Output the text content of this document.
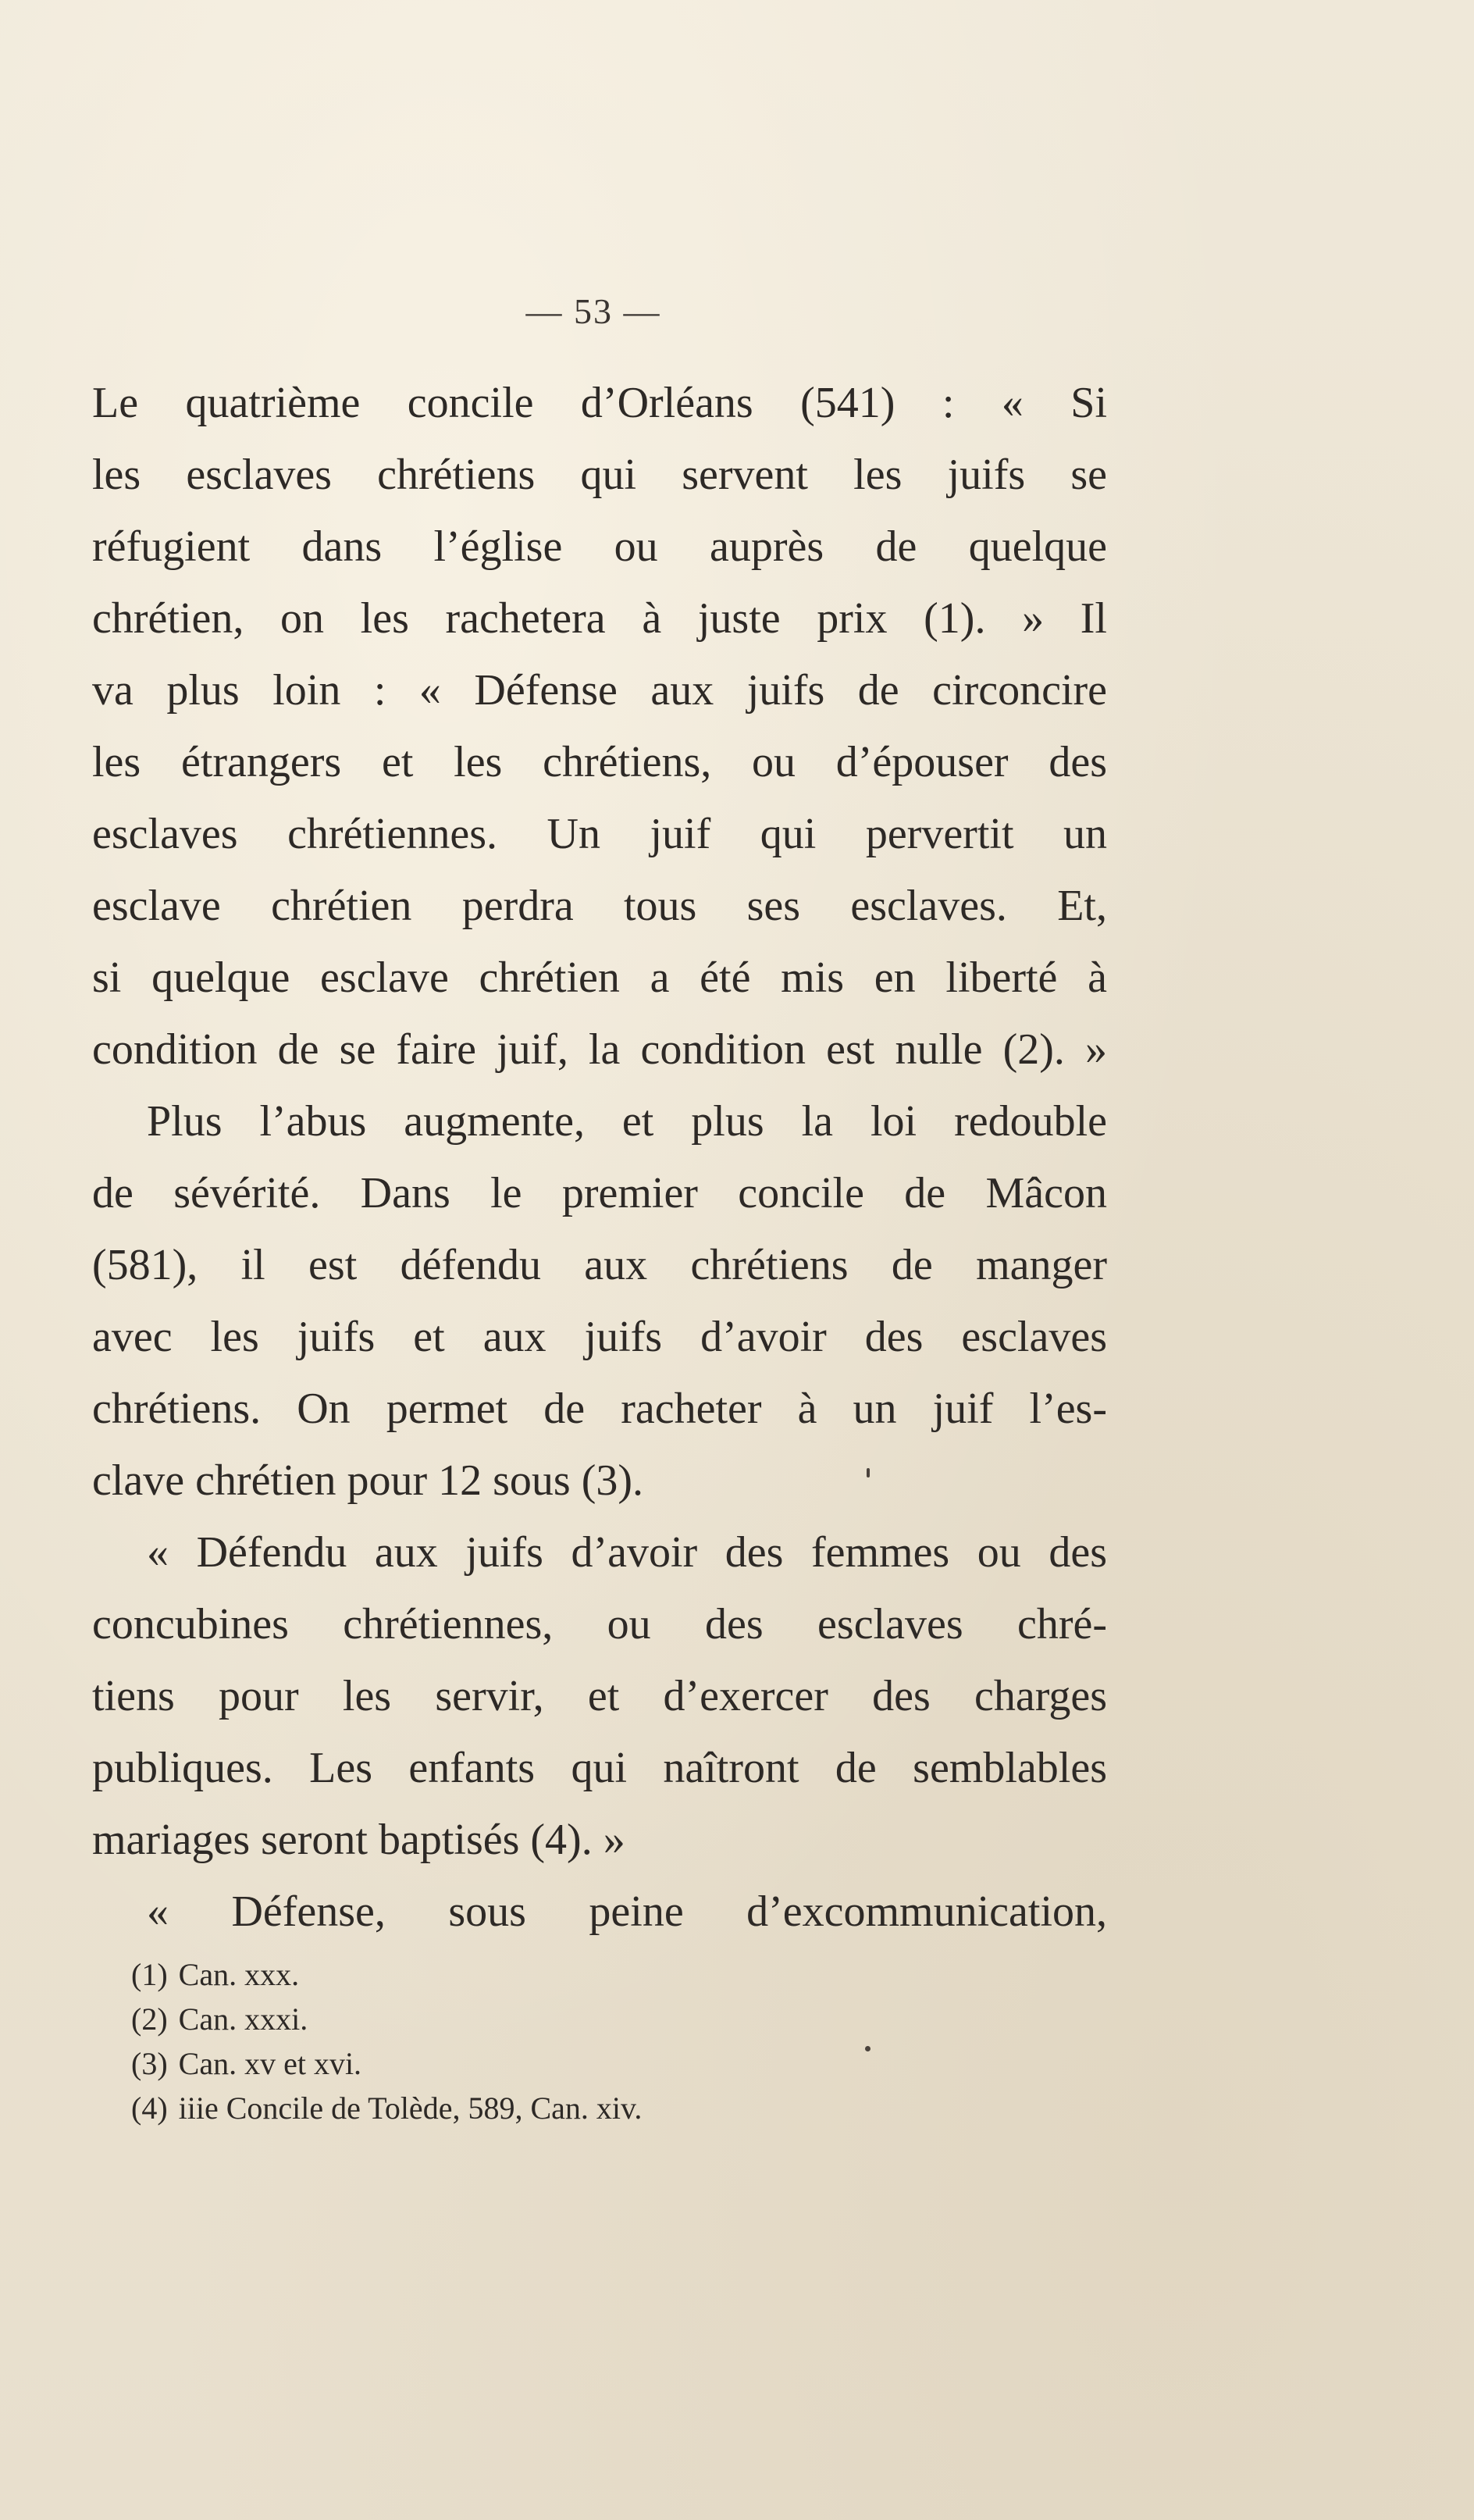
— 53 —
Le quatrième concile d’Orléans (541) : « Si
les esclaves chrétiens qui servent les juifs se
réfugient dans l’église ou auprès de quelque
chrétien, on les rachetera à juste prix (1). » Il
va plus loin : « Défense aux juifs de circoncire
les étrangers et les chrétiens, ou d’épouser des
esclaves chrétiennes. Un juif qui pervertit un
esclave chrétien perdra tous ses esclaves. Et,
si quelque esclave chrétien a été mis en liberté à
condition de se faire juif, la condition est nulle (2). »
Plus l’abus augmente, et plus la loi redouble
de sévérité. Dans le premier concile de Mâcon
(581), il est défendu aux chrétiens de manger
avec les juifs et aux juifs d’avoir des esclaves
chrétiens. On permet de racheter à un juif l’es-
clave chrétien pour 12 sous (3).
« Défendu aux juifs d’avoir des femmes ou des
concubines chrétiennes, ou des esclaves chré-
tiens pour les servir, et d’exercer des charges
publiques. Les enfants qui naîtront de semblables
mariages seront baptisés (4). »
« Défense, sous peine d’excommunication,
(1) Can. xxx.
(2) Can. xxxi.
(3) Can. xv et xvi.
(4) iiie Concile de Tolède, 589, Can. xiv.
